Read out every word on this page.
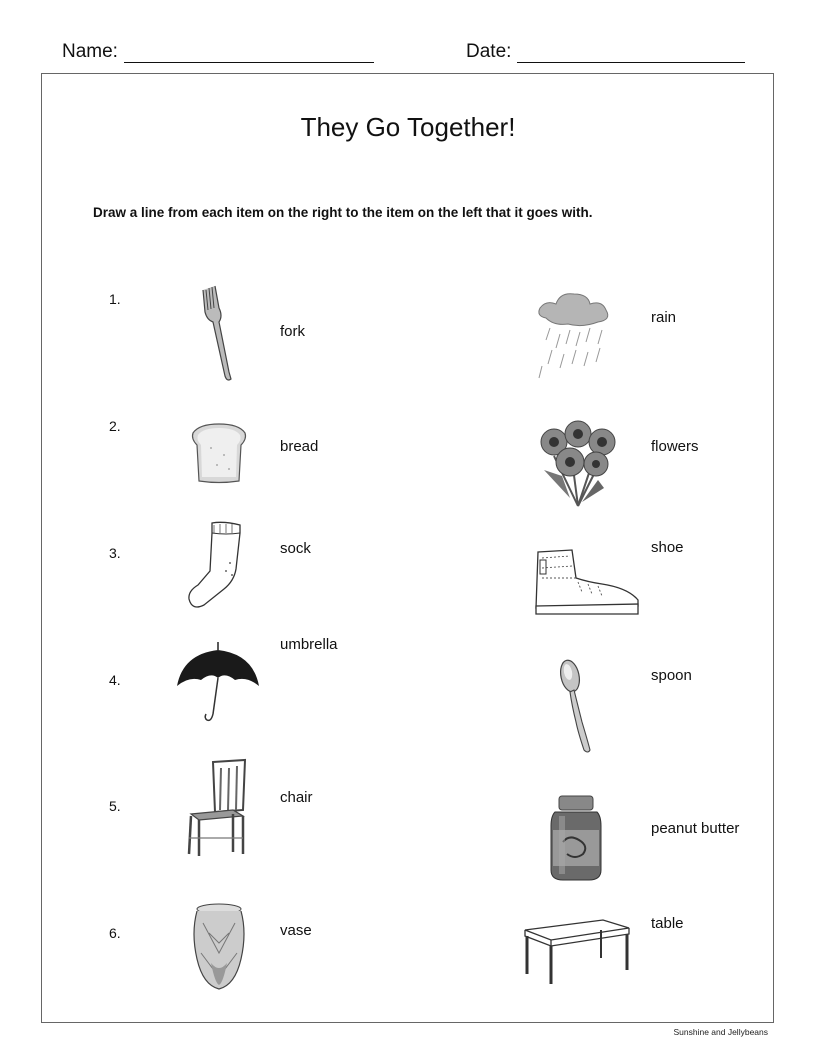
Name:	Date:
They Go Together!
Draw a line from each item on the right to the item on the left that it goes with.
1.
2.
3.
4.
5.
6.
fork
bread
sock
umbrella
chair
vase
rain
flowers
shoe
spoon
peanut butter
table
Sunshine and Jellybeans
